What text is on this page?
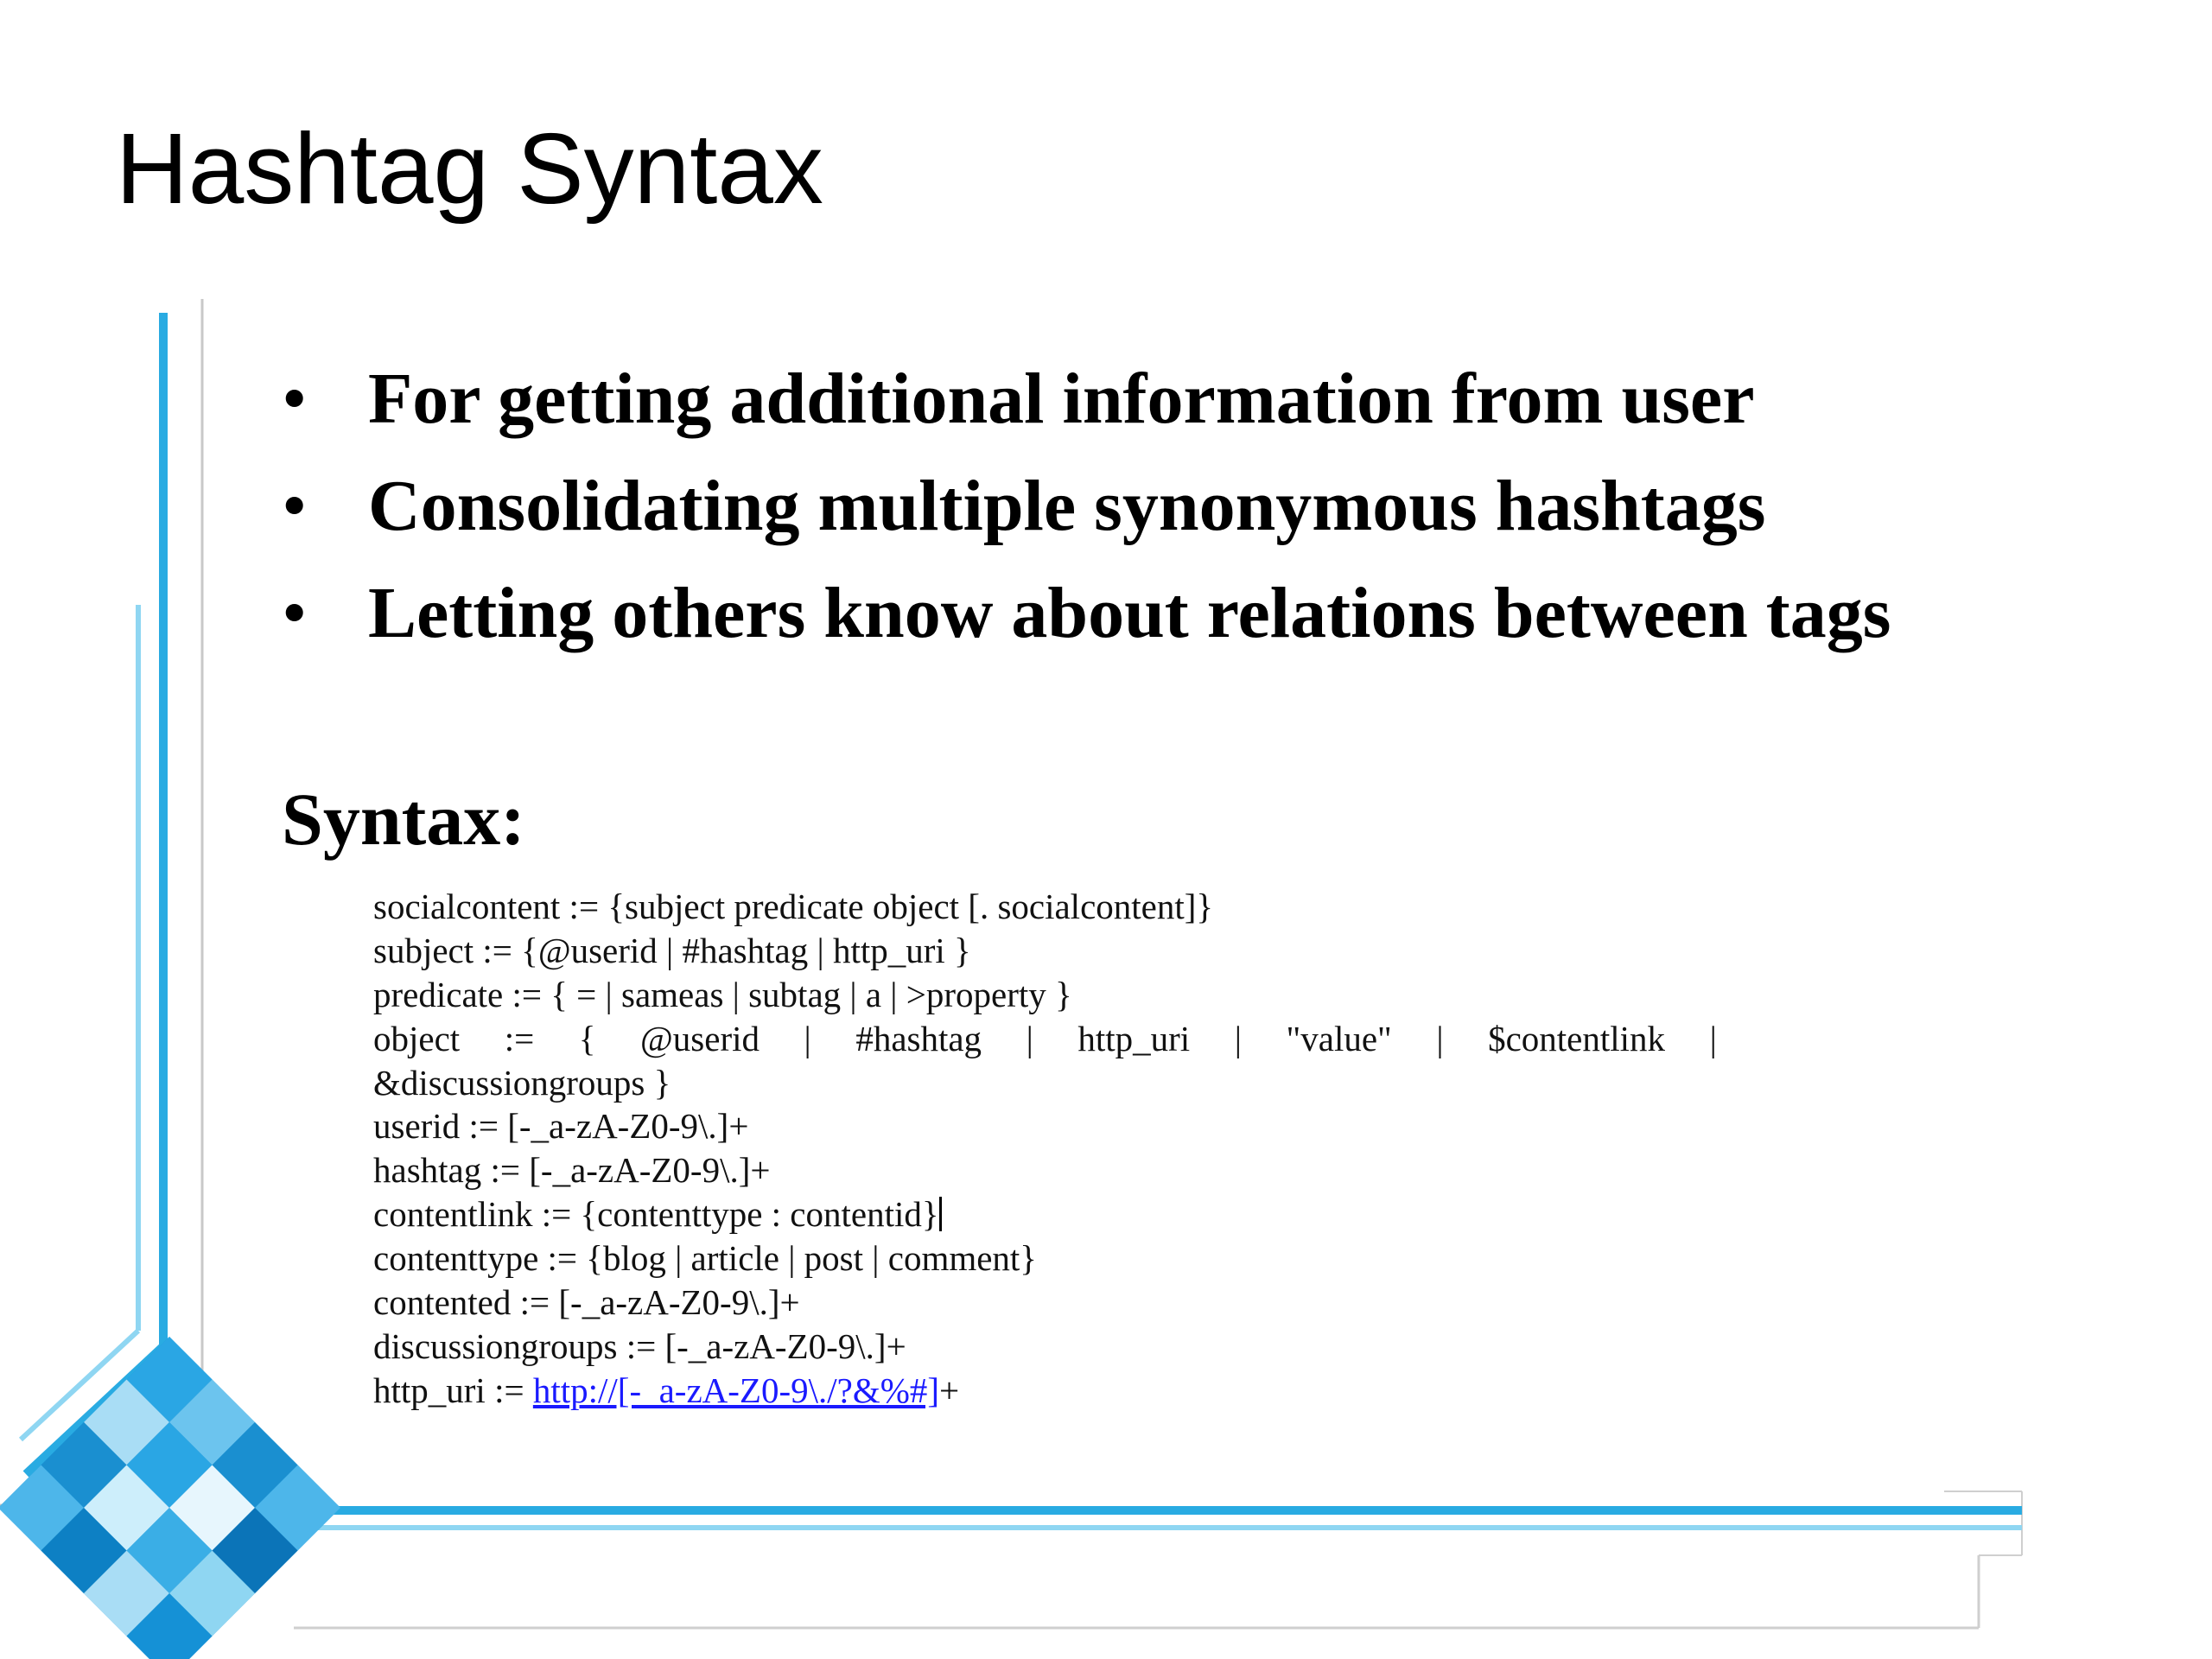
Hashtag Syntax
• For getting additional information from user
• Consolidating multiple synonymous hashtags
• Letting others know about relations between tags
Syntax:
socialcontent := {subject predicate object [. socialcontent]}
subject := {@userid | #hashtag | http_uri }
predicate := { = | sameas | subtag | a | >property }
object := { @userid | #hashtag | http_uri | "value" | $contentlink |
&discussiongroups }
userid := [-_a-zA-Z0-9\.]+
hashtag := [-_a-zA-Z0-9\.]+
contentlink := {contenttype : contentid}
contenttype := {blog | article | post | comment}
contented := [-_a-zA-Z0-9\.]+
discussiongroups := [-_a-zA-Z0-9\.]+
http_uri := http://[-_a-zA-Z0-9\./?&%#]+
